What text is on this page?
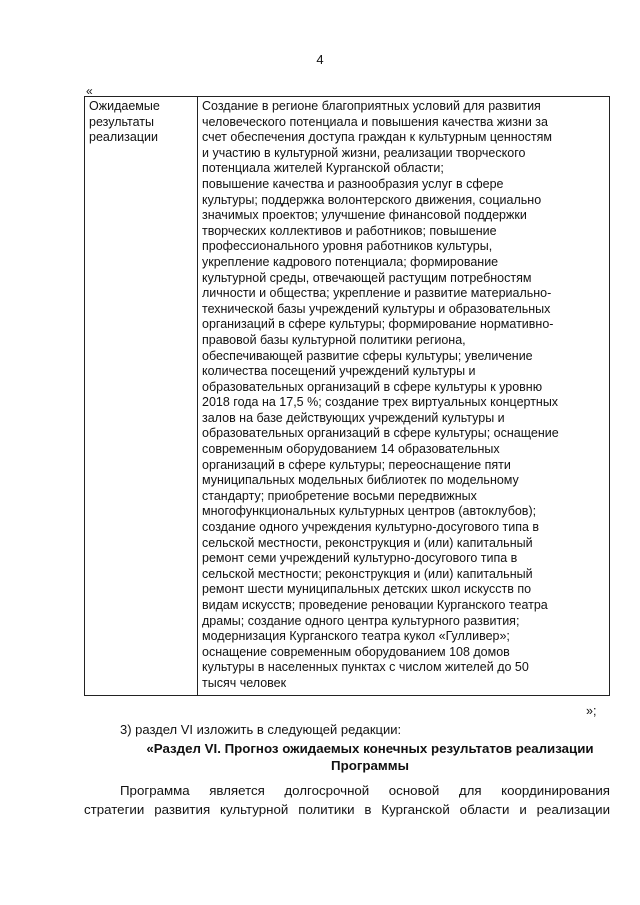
4
«
Ожидаемые
результаты
реализации

Создание в регионе благоприятных условий для развития
человеческого потенциала и повышения качества жизни за
счет обеспечения доступа граждан к культурным ценностям
и участию в культурной жизни, реализации творческого
потенциала жителей Курганской области;
повышение качества и разнообразия услуг в сфере
культуры; поддержка волонтерского движения, социально
значимых проектов; улучшение финансовой поддержки
творческих коллективов и работников; повышение
профессионального уровня работников культуры,
укрепление кадрового потенциала; формирование
культурной среды, отвечающей растущим потребностям
личности и общества; укрепление и развитие материально-
технической базы учреждений культуры и образовательных
организаций в сфере культуры; формирование нормативно-
правовой базы культурной политики региона,
обеспечивающей развитие сферы культуры; увеличение
количества посещений учреждений культуры и
образовательных организаций в сфере культуры к уровню
2018 года на 17,5 %; создание трех виртуальных концертных
залов на базе действующих учреждений культуры и
образовательных организаций в сфере культуры; оснащение
современным оборудованием 14 образовательных
организаций в сфере культуры; переоснащение пяти
муниципальных модельных библиотек по модельному
стандарту; приобретение восьми передвижных
многофункциональных культурных центров (автоклубов);
создание одного учреждения культурно-досугового типа в
сельской местности, реконструкция и (или) капитальный
ремонт семи учреждений культурно-досугового типа в
сельской местности; реконструкция и (или) капитальный
ремонт шести муниципальных детских школ искусств по
видам искусств; проведение реновации Курганского театра
драмы; создание одного центра культурного развития;
модернизация Курганского театра кукол «Гулливер»;
оснащение современным оборудованием 108 домов
культуры в населенных пунктах с числом жителей до 50
тысяч человек
»;
3) раздел VI изложить в следующей редакции:
«Раздел VI. Прогноз ожидаемых конечных результатов реализации
Программы
Программа является долгосрочной основой для координирования
стратегии развития культурной политики в Курганской области и реализации
